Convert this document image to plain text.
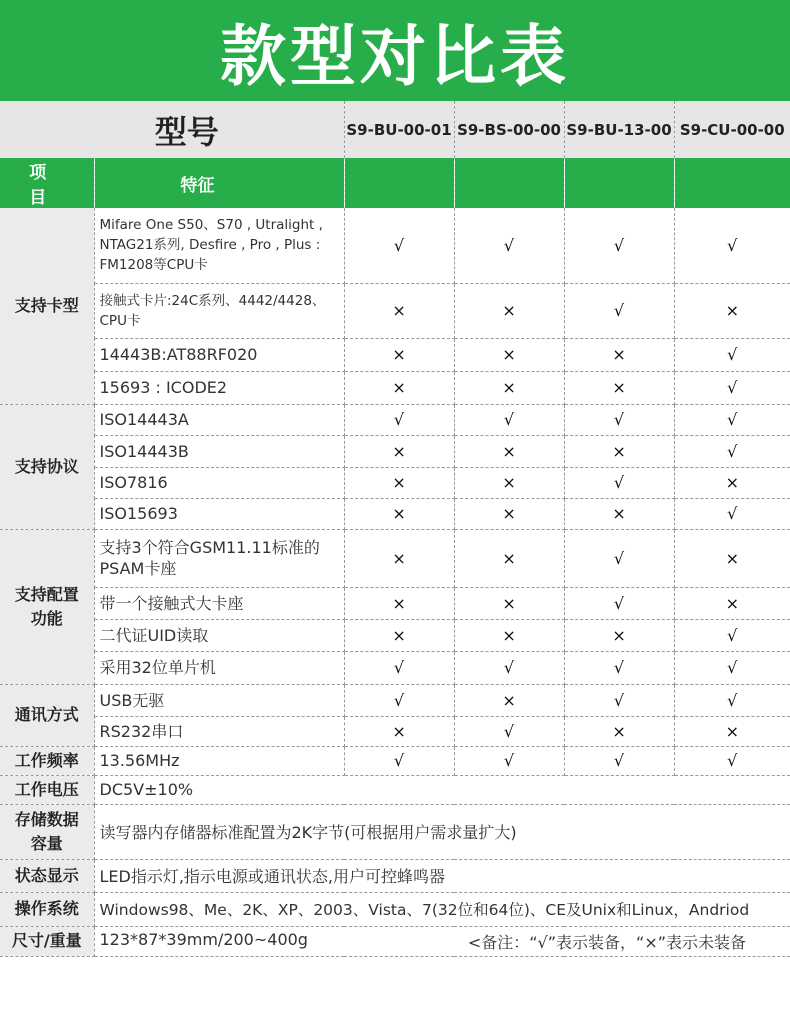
款型对比表
型号		S9-BU-00-01	S9-BS-00-00	S9-BU-13-00	S9-CU-00-00
项目	特征				
支持卡型	Mifare One S50、S70 , Utralight , NTAG21系列, Desfire , Pro , Plus : FM1208等CPU卡	√	√	√	√
	接触式卡片:24C系列、4442/4428、CPU卡	×	×	√	×
	14443B:AT88RF020	×	×	×	√
	15693 : ICODE2	×	×	×	√
支持协议	ISO14443A	√	√	√	√
	ISO14443B	×	×	×	√
	ISO7816	×	×	√	×
	ISO15693	×	×	×	√
支持配置功能	支持3个符合GSM11.11标准的PSAM卡座	×	×	√	×
	带一个接触式大卡座	×	×	√	×
	二代证UID读取	×	×	×	√
	采用32位单片机	√	√	√	√
通讯方式	USB无驱	√	×	√	√
	RS232串口	×	√	×	×
工作频率	13.56MHz	√	√	√	√
工作电压	DC5V±10%				
存储数据容量	读写器内存储器标准配置为2K字节(可根据用户需求量扩大)				
状态显示	LED指示灯,指示电源或通讯状态,用户可控蜂鸣器				
操作系统	Windows98、Me、2K、XP、2003、Vista、7(32位和64位)、CE及Unix和Linux，Andriod				
尺寸/重量	123*87*39mm/200~400g <备注：“√”表示装备，“×”表示未装备				
